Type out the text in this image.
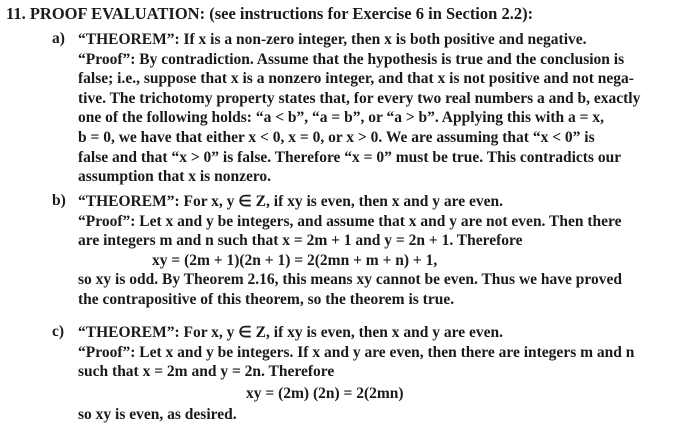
11. PROOF EVALUATION: (see instructions for Exercise 6 in Section 2.2):
a) “THEOREM”: If x is a non-zero integer, then x is both positive and negative.
“Proof”: By contradiction. Assume that the hypothesis is true and the conclusion is
false; i.e., suppose that x is a nonzero integer, and that x is not positive and not nega-
tive. The trichotomy property states that, for every two real numbers a and b, exactly
one of the following holds: “a < b”, “a = b”, or “a > b”. Applying this with a = x,
b = 0, we have that either x < 0, x = 0, or x > 0. We are assuming that “x < 0” is
false and that “x > 0” is false. Therefore “x = 0” must be true. This contradicts our
assumption that x is nonzero.
b) “THEOREM”: For x, y ∈ Z, if xy is even, then x and y are even.
“Proof”: Let x and y be integers, and assume that x and y are not even. Then there
are integers m and n such that x = 2m + 1 and y = 2n + 1. Therefore
xy = (2m + 1)(2n + 1) = 2(2mn + m + n) + 1,
so xy is odd. By Theorem 2.16, this means xy cannot be even. Thus we have proved
the contrapositive of this theorem, so the theorem is true.
c) “THEOREM”: For x, y ∈ Z, if xy is even, then x and y are even.
“Proof”: Let x and y be integers. If x and y are even, then there are integers m and n
such that x = 2m and y = 2n. Therefore
xy = (2m) (2n) = 2(2mn)
so xy is even, as desired.
